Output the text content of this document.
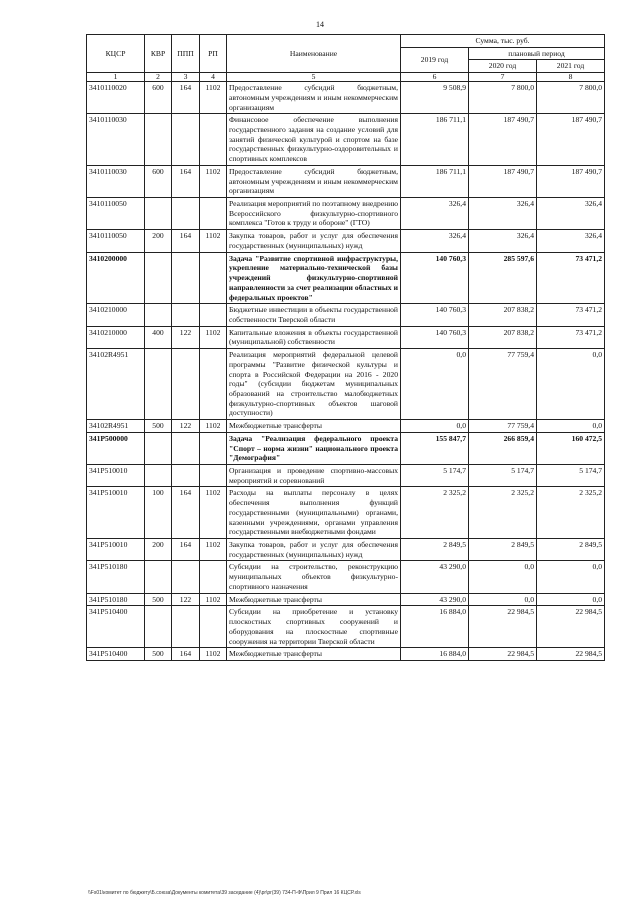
14
КЦСР	КВР	ППП	РП	Наименование	Сумма, тыс. руб.		
					2019 год	плановый период	
						2020 год	2021 год
1	2	3	4	5	6	7	8
3410110020	600	164	1102	Предоставление субсидий бюджетным, автономным учреждениям и иным некоммерческим организациям	9 508,9	7 800,0	7 800,0
3410110030				Финансовое обеспечение выполнения государственного задания на создание условий для занятий физической культурой и спортом на базе государственных физкультурно-оздоровительных и спортивных комплексов	186 711,1	187 490,7	187 490,7
3410110030	600	164	1102	Предоставление субсидий бюджетным, автономным учреждениям и иным некоммерческим организациям	186 711,1	187 490,7	187 490,7
3410110050				Реализация мероприятий по поэтапному внедрению Всероссийского физкультурно-спортивного комплекса "Готов к труду и обороне" (ГТО)	326,4	326,4	326,4
3410110050	200	164	1102	Закупка товаров, работ и услуг для обеспечения государственных (муниципальных) нужд	326,4	326,4	326,4
3410200000				Задача "Развитие спортивной инфраструктуры, укрепление материально-технической базы учреждений физкультурно-спортивной направленности за счет реализации областных и федеральных проектов"	140 760,3	285 597,6	73 471,2
3410210000				Бюджетные инвестиции в объекты государственной собственности Тверской области	140 760,3	207 838,2	73 471,2
3410210000	400	122	1102	Капитальные вложения в объекты государственной (муниципальной) собственности	140 760,3	207 838,2	73 471,2
34102R4951				Реализация мероприятий федеральной целевой программы "Развитие физической культуры и спорта в Российской Федерации на 2016 - 2020 годы" (субсидии бюджетам муниципальных образований на строительство малобюджетных физкультурно-спортивных объектов шаговой доступности)	0,0	77 759,4	0,0
34102R4951	500	122	1102	Межбюджетные трансферты	0,0	77 759,4	0,0
341P500000				Задача "Реализация федерального проекта "Спорт – норма жизни" национального проекта "Демография"	155 847,7	266 859,4	160 472,5
341P510010				Организация и проведение спортивно-массовых мероприятий и соревнований	5 174,7	5 174,7	5 174,7
341P510010	100	164	1102	Расходы на выплаты персоналу в целях обеспечения выполнения функций государственными (муниципальными) органами, казенными учреждениями, органами управления государственными внебюджетными фондами	2 325,2	2 325,2	2 325,2
341P510010	200	164	1102	Закупка товаров, работ и услуг для обеспечения государственных (муниципальных) нужд	2 849,5	2 849,5	2 849,5
341P510180				Субсидии на строительство, реконструкцию муниципальных объектов физкультурно-спортивного назначения	43 290,0	0,0	0,0
341P510180	500	122	1102	Межбюджетные трансферты	43 290,0	0,0	0,0
341P510400				Субсидии на приобретение и установку плоскостных спортивных сооружений и оборудования на плоскостные спортивные сооружения на территории Тверской области	16 884,0	22 984,5	22 984,5
341P510400	500	164	1102	Межбюджетные трансферты	16 884,0	22 984,5	22 984,5
\\Fs01\комитет по бюджету\Б.союза\Документы комитета\39 заседание (4)\pr\pr(39) 734-П-Ф\Прил 9 Прил 16 КЦСР.xls
